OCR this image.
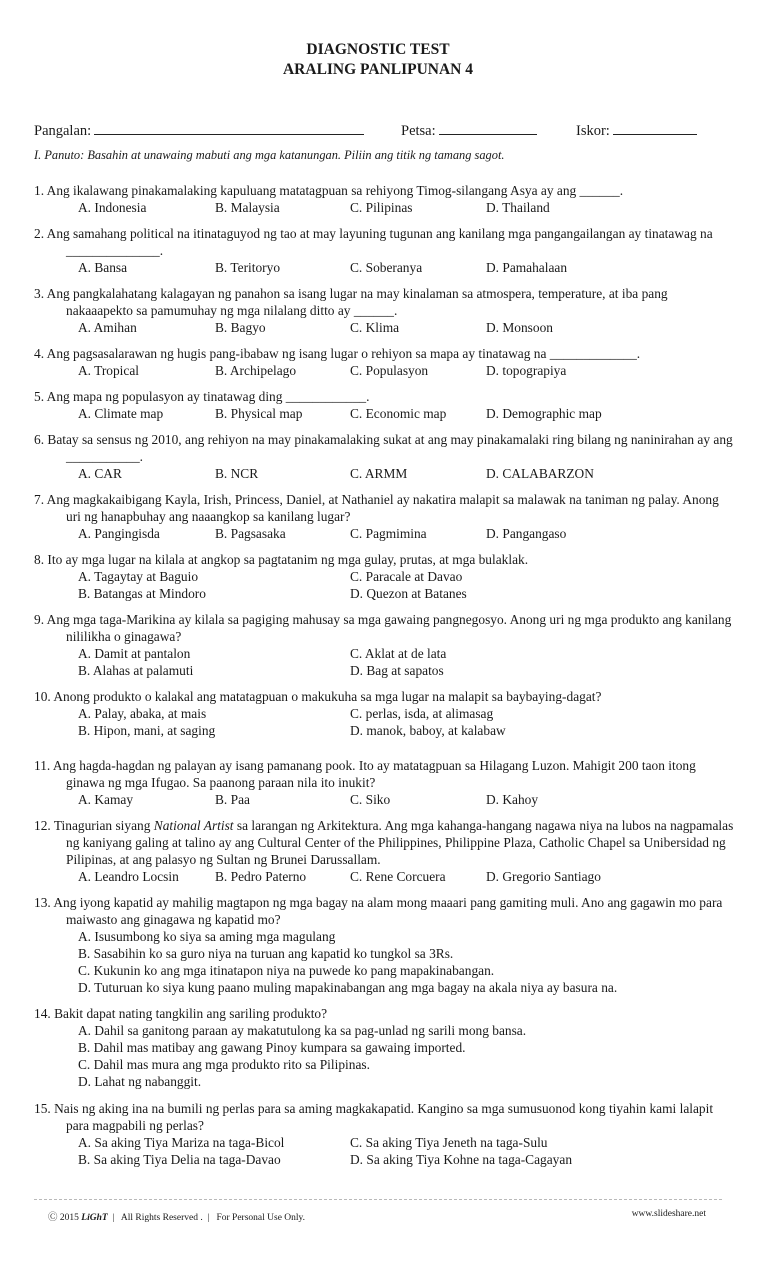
DIAGNOSTIC TEST
ARALING PANLIPUNAN 4
Pangalan:	Petsa:	Iskor:
I. Panuto: Basahin at unawaing mabuti ang mga katanungan. Piliin ang titik ng tamang sagot.
1. Ang ikalawang pinakamalaking kapuluang matatagpuan sa rehiyong Timog-silangang Asya ay ang ______.
A. Indonesia	B. Malaysia	C. Pilipinas	D. Thailand
2. Ang samahang political na itinataguyod ng tao at may layuning tugunan ang kanilang mga pangangailangan ay tinatawag na ______________.
A. Bansa	B. Teritoryo	C. Soberanya	D. Pamahalaan
3. Ang pangkalahatang kalagayan ng panahon sa isang lugar na may kinalaman sa atmospera, temperature, at iba pang nakaaapekto sa pamumuhay ng mga nilalang ditto ay ______.
A. Amihan	B. Bagyo	C. Klima	D. Monsoon
4. Ang pagsasalarawan ng hugis pang-ibabaw ng isang lugar o rehiyon sa mapa ay tinatawag na _____________.
A. Tropical	B. Archipelago	C. Populasyon	D. topograpiya
5. Ang mapa ng populasyon ay tinatawag ding ____________.
A. Climate map	B. Physical map	C. Economic map	D. Demographic map
6. Batay sa sensus ng 2010, ang rehiyon na may pinakamalaking sukat at ang may pinakamalaki ring bilang ng naninirahan ay ang ___________.
A. CAR	B. NCR	C. ARMM	D. CALABARZON
7. Ang magkakaibigang Kayla, Irish, Princess, Daniel, at Nathaniel ay nakatira malapit sa malawak na taniman ng palay. Anong uri ng hanapbuhay ang naaangkop sa kanilang lugar?
A. Pangingisda	B. Pagsasaka	C. Pagmimina	D. Pangangaso
8. Ito ay mga lugar na kilala at angkop sa pagtatanim ng mga gulay, prutas, at mga bulaklak.
A. Tagaytay at Baguio	C. Paracale at Davao
B. Batangas at Mindoro	D. Quezon at Batanes
9. Ang mga taga-Marikina ay kilala sa pagiging mahusay sa mga gawaing pangnegosyo. Anong uri ng mga produkto ang kanilang nililikha o ginagawa?
A. Damit at pantalon	C. Aklat at de lata
B. Alahas at palamuti	D. Bag at sapatos
10. Anong produkto o kalakal ang matatagpuan o makukuha sa mga lugar na malapit sa baybaying-dagat?
A. Palay, abaka, at mais	C. perlas, isda, at alimasag
B. Hipon, mani, at saging	D. manok, baboy, at kalabaw
11. Ang hagda-hagdan ng palayan ay isang pamanang pook. Ito ay matatagpuan sa Hilagang Luzon. Mahigit 200 taon itong ginawa ng mga Ifugao. Sa paanong paraan nila ito inukit?
A. Kamay	B. Paa	C. Siko	D. Kahoy
12. Tinagurian siyang National Artist sa larangan ng Arkitektura. Ang mga kahanga-hangang nagawa niya na lubos na nagpamalas ng kaniyang galing at talino ay ang Cultural Center of the Philippines, Philippine Plaza, Catholic Chapel sa Unibersidad ng Pilipinas, at ang palasyo ng Sultan ng Brunei Darussallam.
A. Leandro Locsin	B. Pedro Paterno	C. Rene Corcuera	D. Gregorio Santiago
13. Ang iyong kapatid ay mahilig magtapon ng mga bagay na alam mong maaari pang gamiting muli. Ano ang gagawin mo para maiwasto ang ginagawa ng kapatid mo?
A. Isusumbong ko siya sa aming mga magulang
B. Sasabihin ko sa guro niya na turuan ang kapatid ko tungkol sa 3Rs.
C. Kukunin ko ang mga itinatapon niya na puwede ko pang mapakinabangan.
D. Tuturuan ko siya kung paano muling mapakinabangan ang mga bagay na akala niya ay basura na.
14. Bakit dapat nating tangkilin ang sariling produkto?
A. Dahil sa ganitong paraan ay makatutulong ka sa pag-unlad ng sarili mong bansa.
B. Dahil mas matibay ang gawang Pinoy kumpara sa gawaing imported.
C. Dahil mas mura ang mga produkto rito sa Pilipinas.
D. Lahat ng nabanggit.
15. Nais ng aking ina na bumili ng perlas para sa aming magkakapatid. Kangino sa mga sumusuonod kong tiyahin kami lalapit para magpabili ng perlas?
A. Sa aking Tiya Mariza na taga-Bicol	C. Sa aking Tiya Jeneth na taga-Sulu
B. Sa aking Tiya Delia na taga-Davao	D. Sa aking Tiya Kohne na taga-Cagayan
Ⓒ 2015 LiGhT  |   All Rights Reserved .  |   For Personal Use Only.	www.slideshare.net
